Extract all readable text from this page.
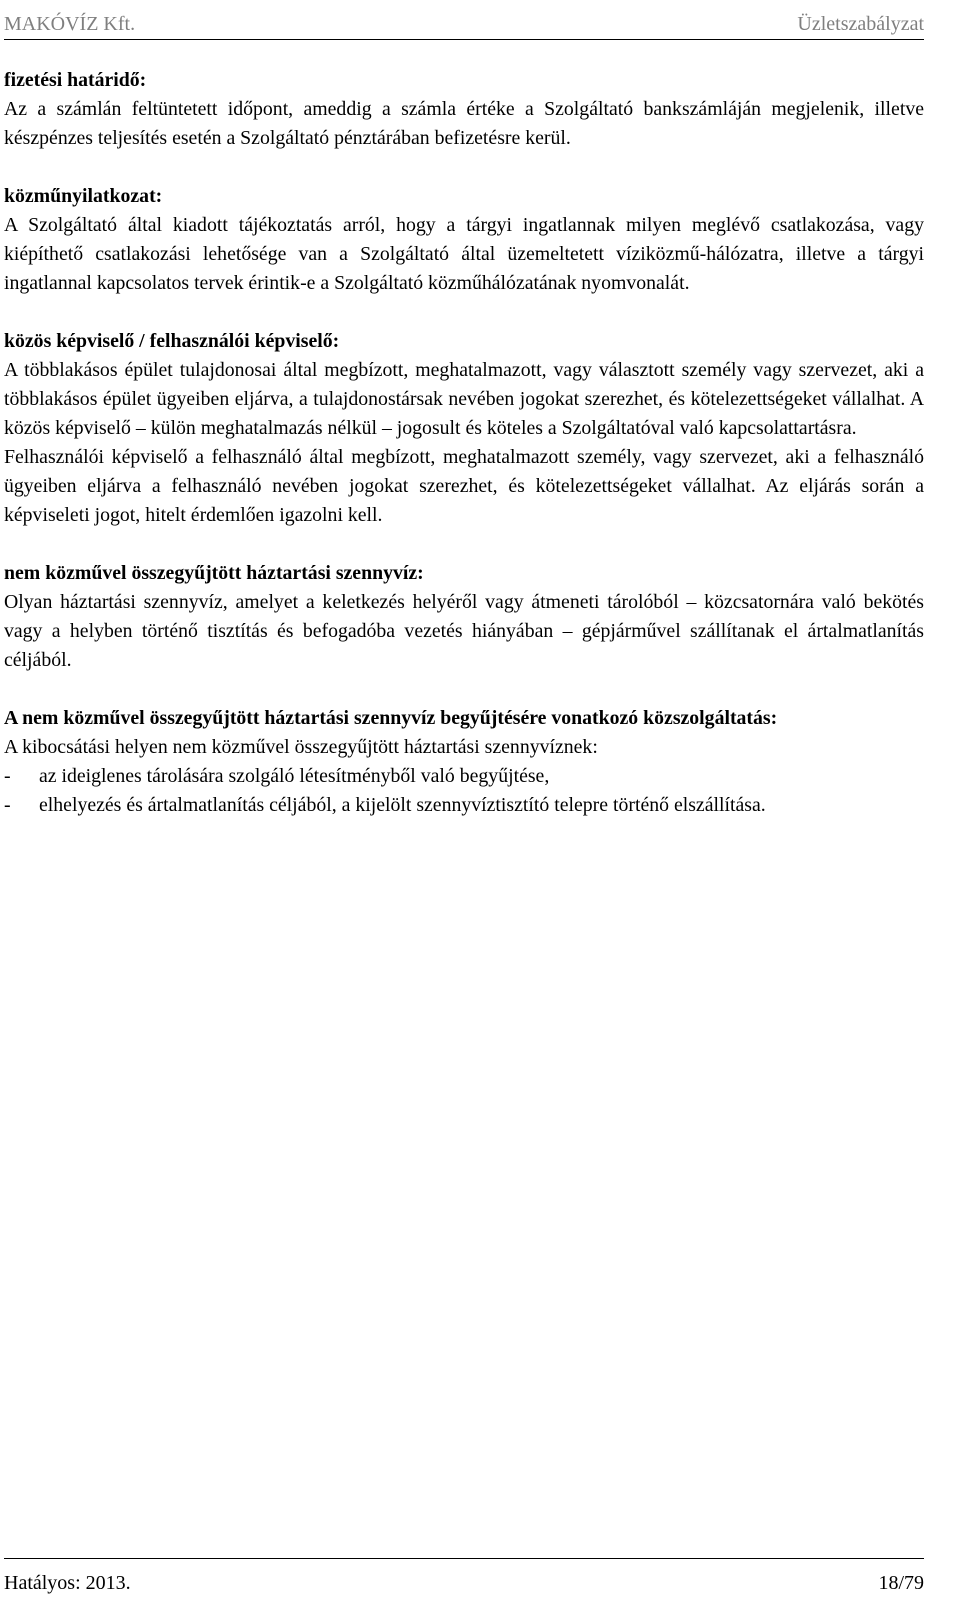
MAKÓVÍZ Kft.	Üzletszabályzat
fizetési határidő:
Az a számlán feltüntetett időpont, ameddig a számla értéke a Szolgáltató bankszámláján megjelenik, illetve készpénzes teljesítés esetén a Szolgáltató pénztárában befizetésre kerül.
közműnyilatkozat:
A Szolgáltató által kiadott tájékoztatás arról, hogy a tárgyi ingatlannak milyen meglévő csatlakozása, vagy kiépíthető csatlakozási lehetősége van a Szolgáltató által üzemeltetett víziközmű-hálózatra, illetve a tárgyi ingatlannal kapcsolatos tervek érintik-e a Szolgáltató közműhálózatának nyomvonalát.
közös képviselő / felhasználói képviselő:
A többlakásos épület tulajdonosai által megbízott, meghatalmazott, vagy választott személy vagy szervezet, aki a többlakásos épület ügyeiben eljárva, a tulajdonostársak nevében jogokat szerezhet, és kötelezettségeket vállalhat. A közös képviselő – külön meghatalmazás nélkül – jogosult és köteles a Szolgáltatóval való kapcsolattartásra.
Felhasználói képviselő a felhasználó által megbízott, meghatalmazott személy, vagy szervezet, aki a felhasználó ügyeiben eljárva a felhasználó nevében jogokat szerezhet, és kötelezettségeket vállalhat. Az eljárás során a képviseleti jogot, hitelt érdemlően igazolni kell.
nem közművel összegyűjtött háztartási szennyvíz:
Olyan háztartási szennyvíz, amelyet a keletkezés helyéről vagy átmeneti tárolóból – közcsatornára való bekötés vagy a helyben történő tisztítás és befogadóba vezetés hiányában – gépjárművel szállítanak el ártalmatlanítás céljából.
A nem közművel összegyűjtött háztartási szennyvíz begyűjtésére vonatkozó közszolgáltatás:
A kibocsátási helyen nem közművel összegyűjtött háztartási szennyvíznek:
-	az ideiglenes tárolására szolgáló létesítményből való begyűjtése,
-	elhelyezés és ártalmatlanítás céljából, a kijelölt szennyvíztisztító telepre történő elszállítása.
Hatályos: 2013.	18/79
